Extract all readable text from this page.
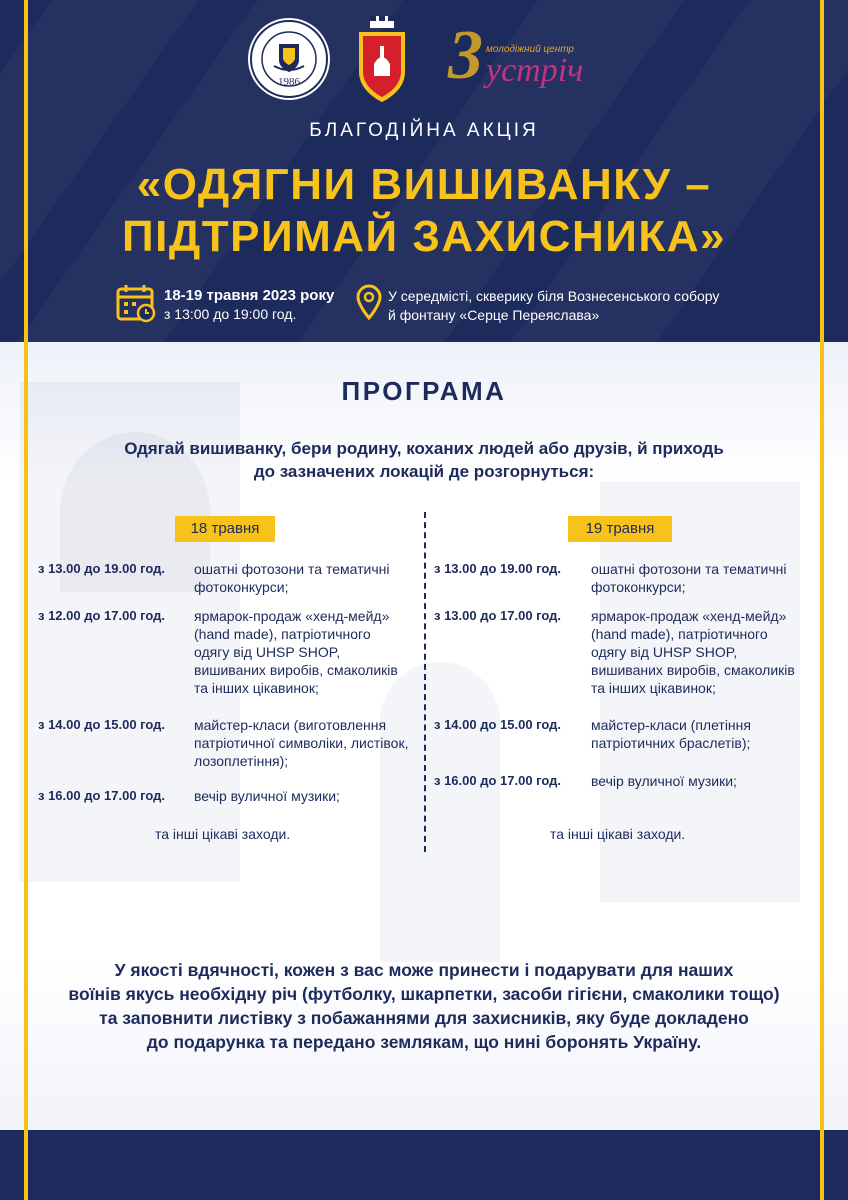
1986	3 молодіжний центр
устріч
БЛАГОДІЙНА АКЦІЯ
«ОДЯГНИ ВИШИВАНКУ –
ПІДТРИМАЙ ЗАХИСНИКА»
18-19 травня 2023 року
з 13:00 до 19:00 год.
У середмісті, скверику біля Вознесенського собору
й фонтану «Серце Переяслава»
ПРОГРАМА
Одягай вишиванку, бери родину, коханих людей або друзів, й приходь
до зазначених локацій де розгорнуться:
18 травня	19 травня
з 13.00 до 19.00 год. ошатні фотозони та тематичні
фотоконкурси;
з 12.00 до 17.00 год. ярмарок-продаж «хенд-мейд»
(hand made), патріотичного
одягу від UHSP SHOP,
вишиваних виробів, смаколиків
та інших цікавинок;
з 14.00 до 15.00 год. майстер-класи (виготовлення
патріотичної символіки, листівок,
лозоплетіння);
з 16.00 до 17.00 год. вечір вуличної музики;
та інші цікаві заходи.
з 13.00 до 19.00 год. ошатні фотозони та тематичні
фотоконкурси;
з 13.00 до 17.00 год. ярмарок-продаж «хенд-мейд»
(hand made), патріотичного
одягу від UHSP SHOP,
вишиваних виробів, смаколиків
та інших цікавинок;
з 14.00 до 15.00 год. майстер-класи (плетіння
патріотичних браслетів);
з 16.00 до 17.00 год. вечір вуличної музики;
та інші цікаві заходи.
У якості вдячності, кожен з вас може принести і подарувати для наших
воїнів якусь необхідну річ (футболку, шкарпетки, засоби гігієни, смаколики тощо)
та заповнити листівку з побажаннями для захисників, яку буде докладено
до подарунка та передано землякам, що нині боронять Україну.
